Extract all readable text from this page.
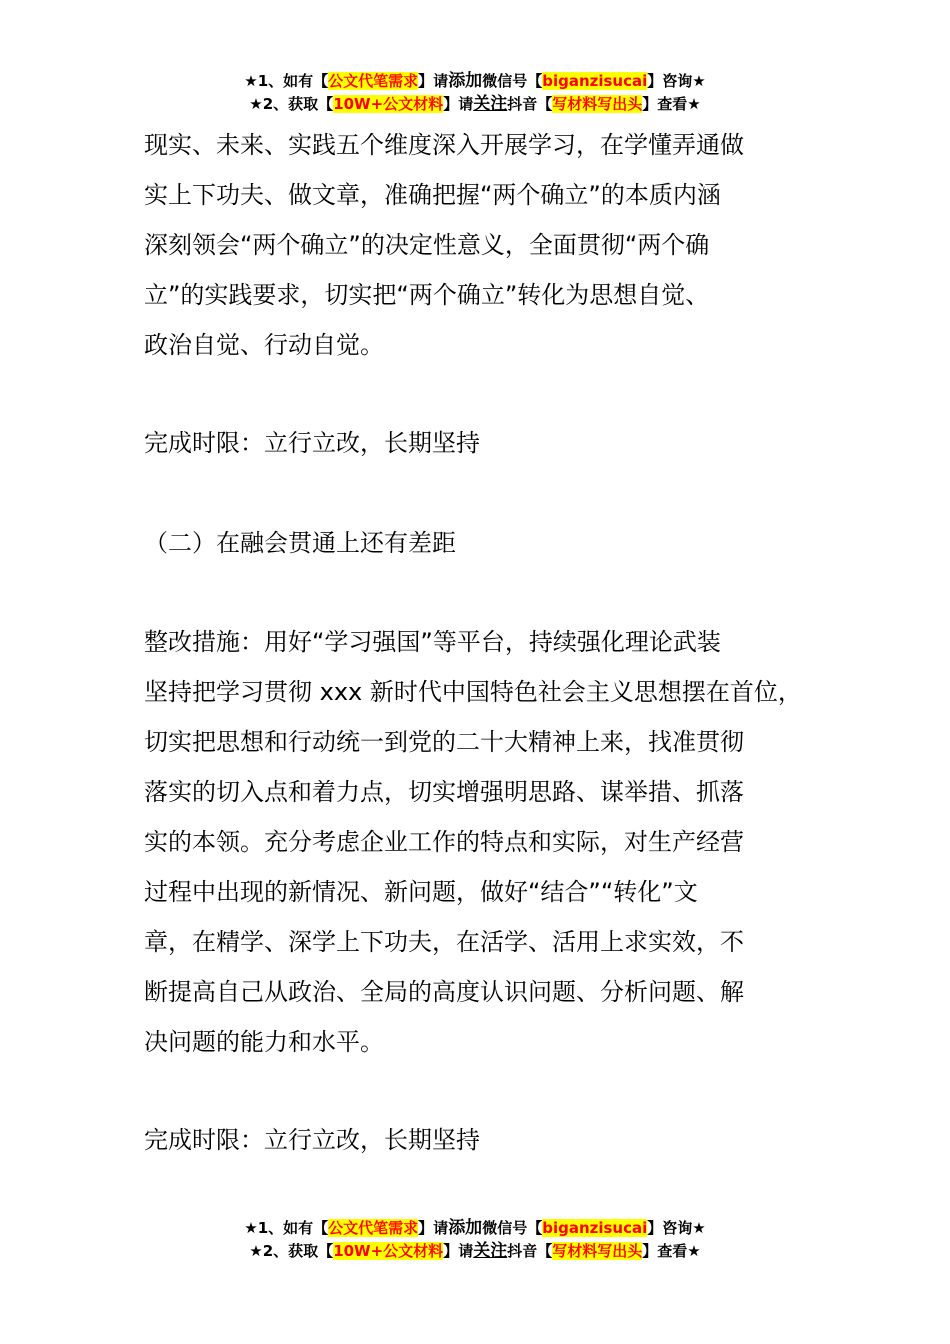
★1、如有【公文代笔需求】请添加微信号【biganzisucai】咨询★
★2、获取【10W+公文材料】请关注抖音【写材料写出头】查看★
现实、未来、实践五个维度深入开展学习，在学懂弄通做
实上下功夫、做文章，准确把握“两个确立”的本质内涵
深刻领会“两个确立”的决定性意义，全面贯彻“两个确
立”的实践要求，切实把“两个确立”转化为思想自觉、
政治自觉、行动自觉。
完成时限：立行立改，长期坚持
（二）在融会贯通上还有差距
整改措施：用好“学习强国”等平台，持续强化理论武装
坚持把学习贯彻 xxx 新时代中国特色社会主义思想摆在首位，
切实把思想和行动统一到党的二十大精神上来，找准贯彻
落实的切入点和着力点，切实增强明思路、谋举措、抓落
实的本领。充分考虑企业工作的特点和实际，对生产经营
过程中出现的新情况、新问题，做好“结合”“转化”文
章，在精学、深学上下功夫，在活学、活用上求实效，不
断提高自己从政治、全局的高度认识问题、分析问题、解
决问题的能力和水平。
完成时限：立行立改，长期坚持
★1、如有【公文代笔需求】请添加微信号【biganzisucai】咨询★
★2、获取【10W+公文材料】请关注抖音【写材料写出头】查看★
